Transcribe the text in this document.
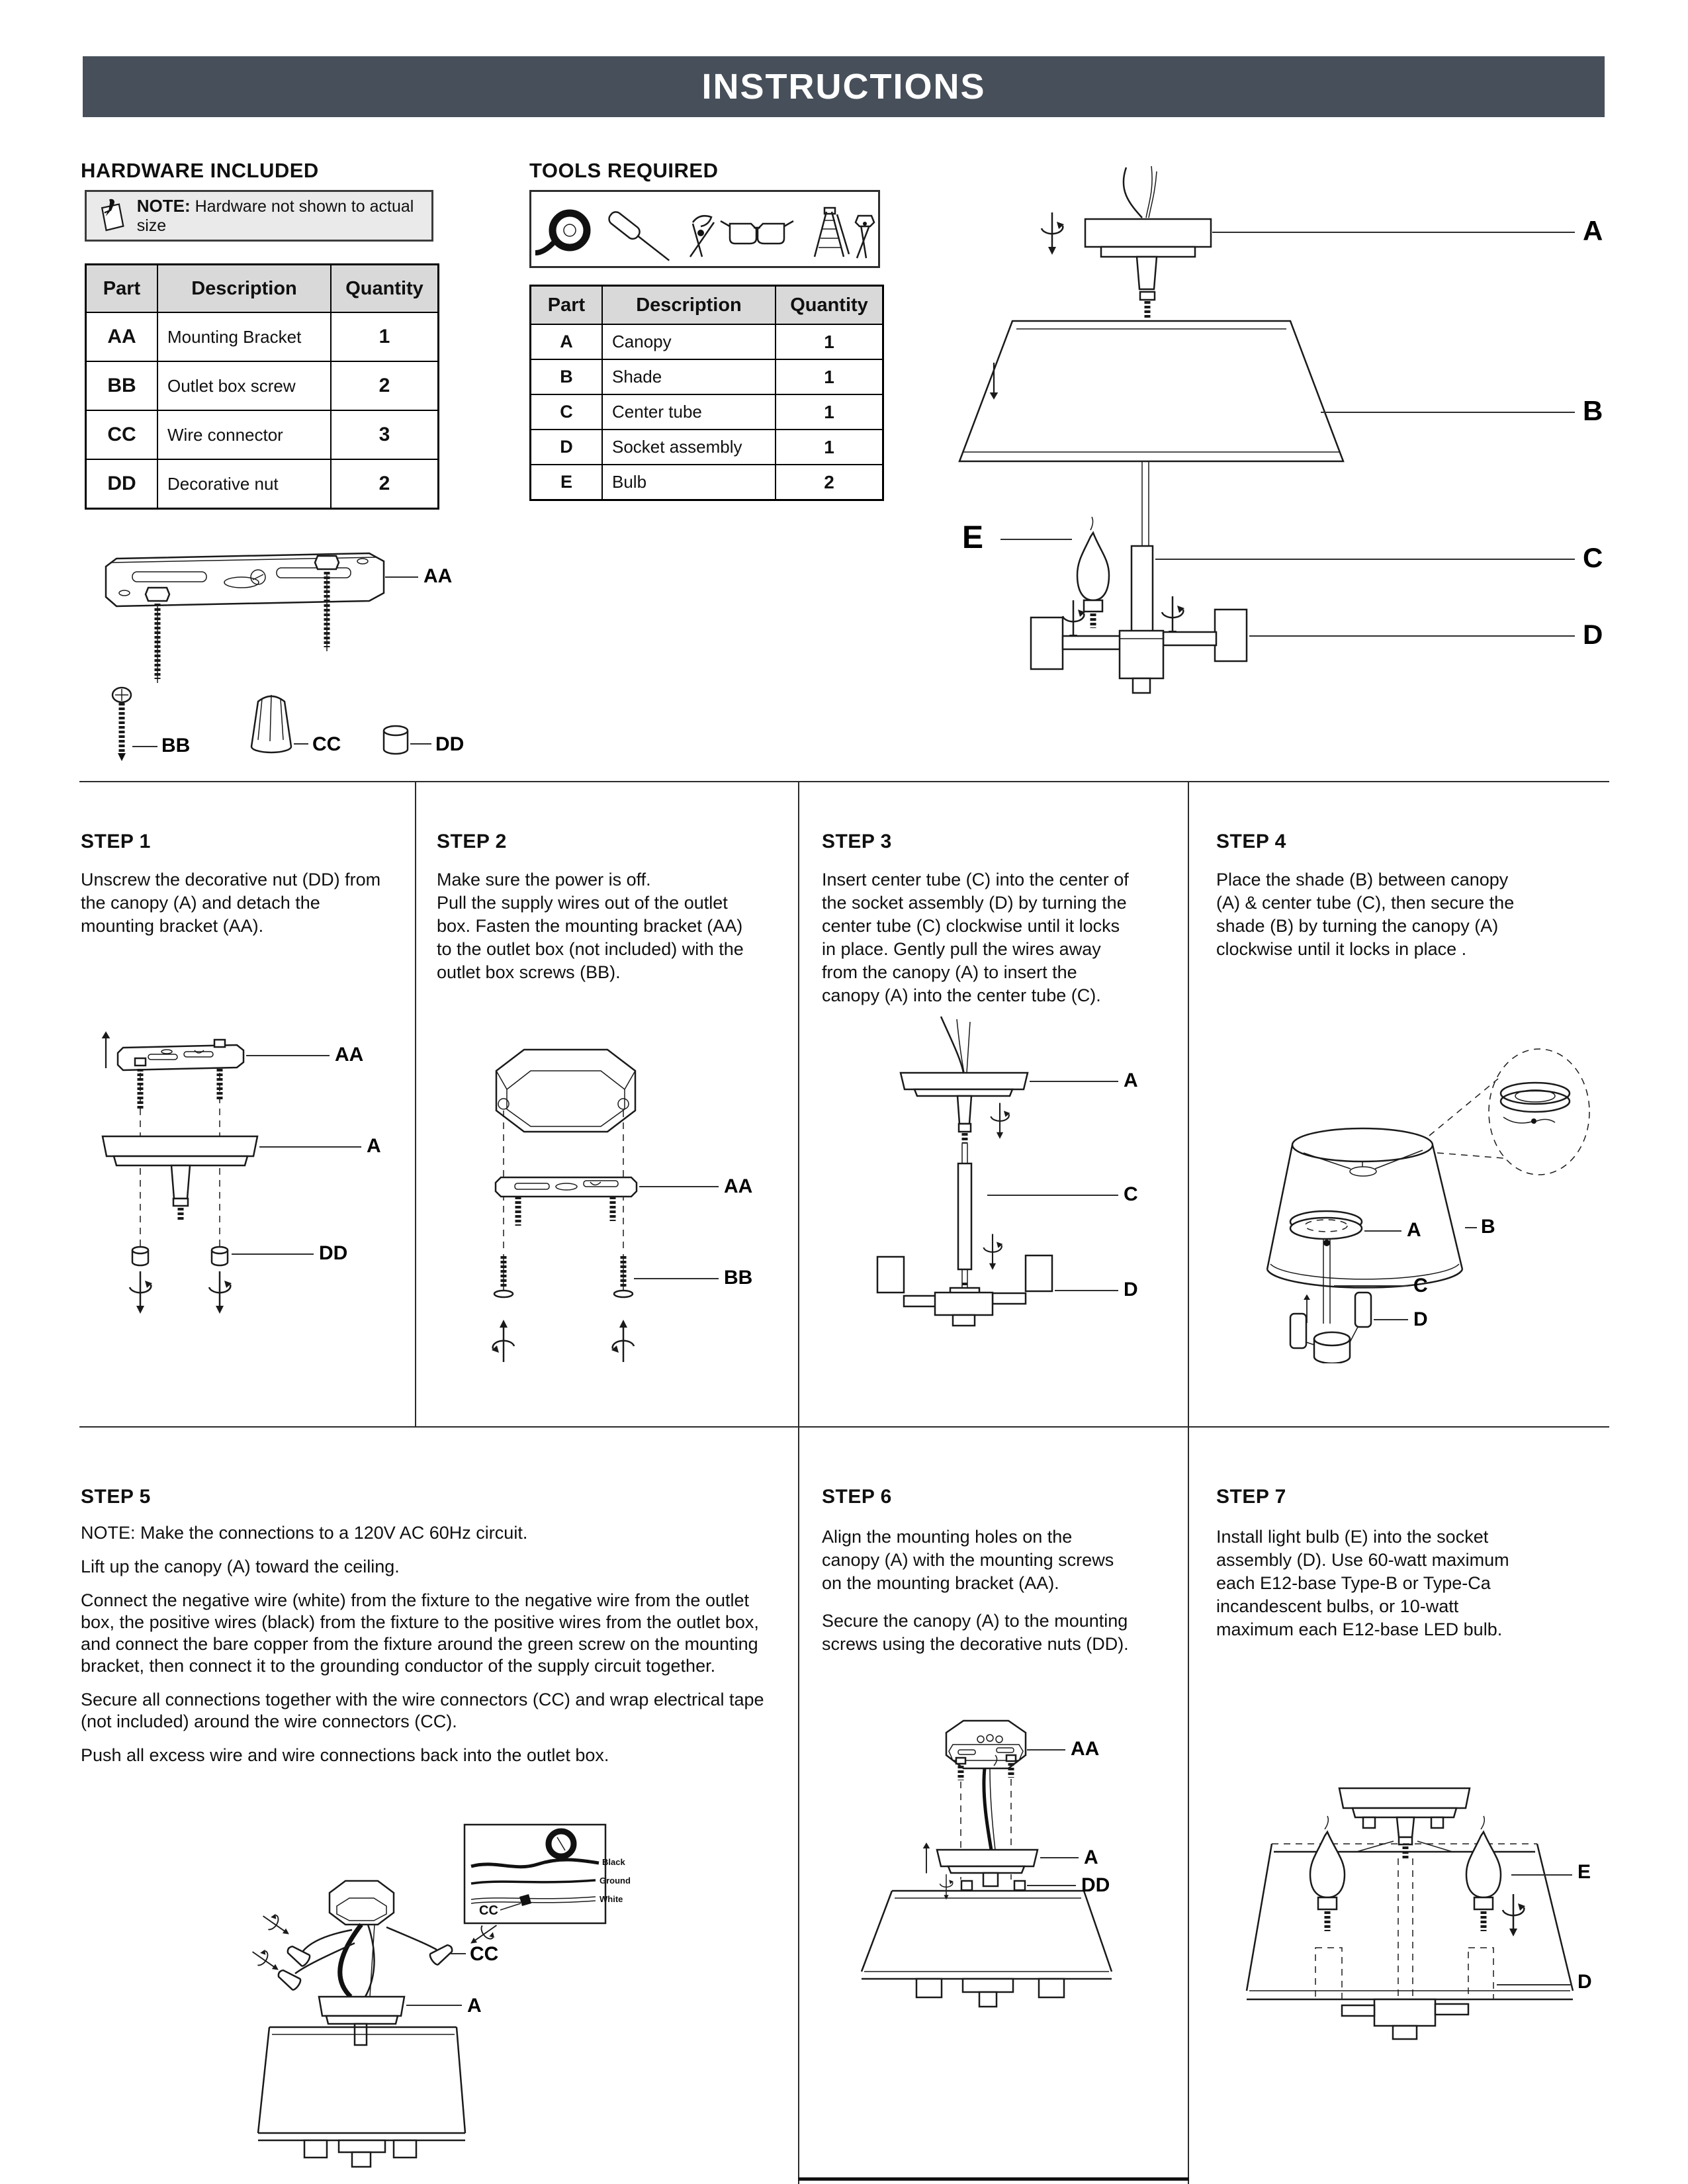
INSTRUCTIONS
HARDWARE INCLUDED
NOTE: Hardware not shown to actual size
Part	Description	Quantity
AA	Mounting Bracket	1
BB	Outlet box screw	2
CC	Wire connector	3
DD	Decorative nut	2
AA
BB	CC	DD
TOOLS REQUIRED
Part	Description	Quantity
A	Canopy	1
B	Shade	1
C	Center tube	1
D	Socket assembly	1
E	Bulb	2
A
B
E
C
D
STEP 1

Unscrew the decorative nut (DD) from the canopy (A) and detach the mounting bracket (AA).

AA
A
DD
STEP 2

Make sure the power is off.

Pull the supply wires out of the outlet box. Fasten the mounting bracket (AA) to the outlet box (not included) with the outlet box screws (BB).

AA
BB
STEP 3

Insert center tube (C) into the center of the socket assembly (D) by turning the center tube (C) clockwise until it locks in place. Gently pull the wires away from the canopy (A) to insert the canopy (A) into the center tube (C).

A
C
D
STEP 4

Place the shade (B) between canopy (A) & center tube (C), then secure the shade (B) by turning the canopy (A) clockwise until it locks in place .

A	B
C
D
STEP 5

NOTE: Make the connections to a 120V AC 60Hz circuit.

Lift up the canopy (A) toward the ceiling.

Connect the negative wire (white) from the fixture to the negative wire from the outlet box, the positive wires (black) from the fixture to the positive wires from the outlet box, and connect the bare copper from the fixture around the green screw on the mounting bracket, then connect it to the grounding conductor of the supply circuit together.

Secure all connections together with the wire connectors (CC) and wrap electrical tape (not included) around the wire connectors (CC).

Push all excess wire and wire connections back into the outlet box.

CC
A
Black
Ground
White
CC
STEP 6

Align the mounting holes on the canopy (A) with the mounting screws on the mounting bracket (AA).

Secure the canopy (A) to the mounting screws using the decorative nuts (DD).

AA
A
DD
STEP 7

Install light bulb (E) into the socket assembly (D). Use 60-watt maximum each E12-base Type-B or Type-Ca incandescent bulbs, or 10-watt maximum each E12-base LED bulb.

E
D
